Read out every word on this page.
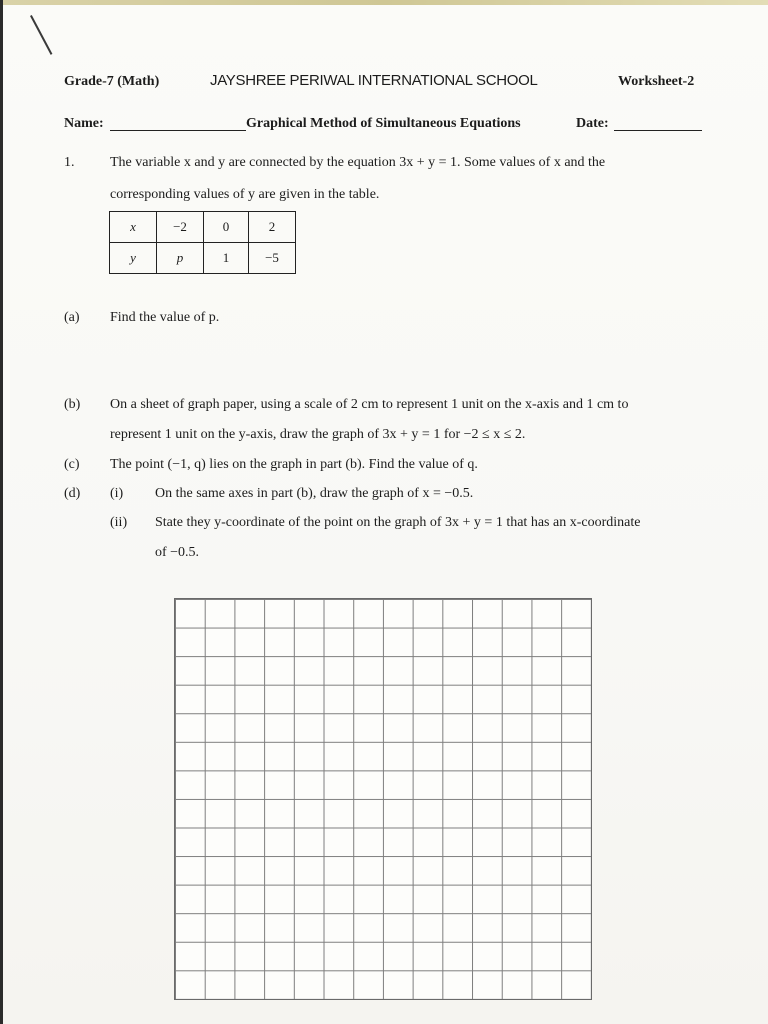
Grade-7 (Math)	JAYSHREE PERIWAL INTERNATIONAL SCHOOL	Worksheet-2
Name:	Graphical Method of Simultaneous Equations	Date:
1.	The variable x and y are connected by the equation 3x + y = 1. Some values of x and the
corresponding values of y are given in the table.
x	−2	0	2
y	p	1	−5
(a) Find the value of p.
(b) On a sheet of graph paper, using a scale of 2 cm to represent 1 unit on the x-axis and 1 cm to
represent 1 unit on the y-axis, draw the graph of 3x + y = 1 for −2 ≤ x ≤ 2.
(c) The point (−1, q) lies on the graph in part (b). Find the value of q.
(d) (i) On the same axes in part (b), draw the graph of x = −0.5.
(ii) State they y-coordinate of the point on the graph of 3x + y = 1 that has an x-coordinate
of −0.5.
